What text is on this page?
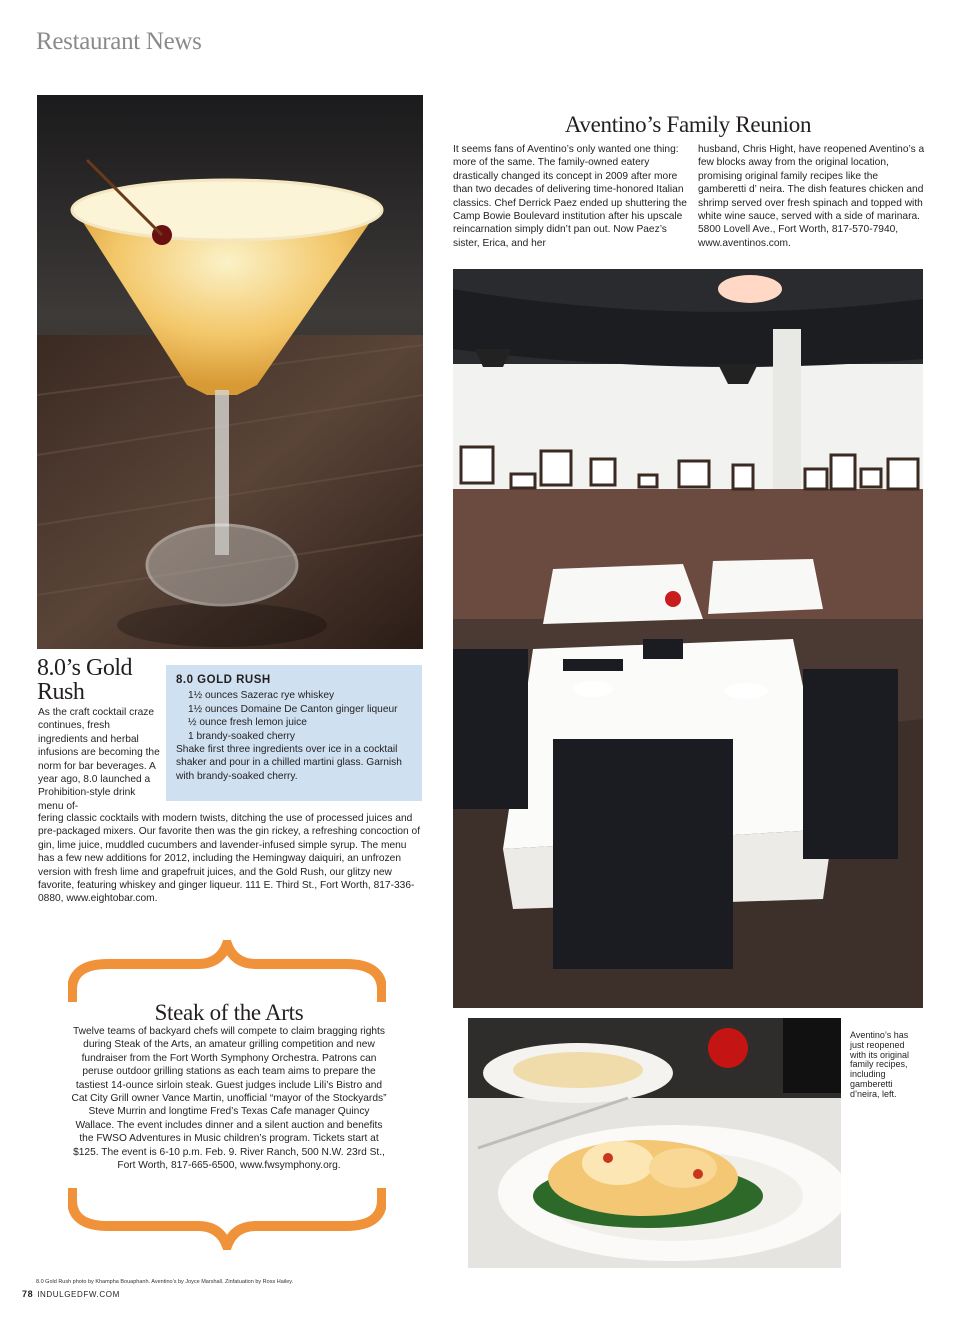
Restaurant News
8.0’s Gold Rush
As the craft cocktail craze continues, fresh ingredients and herbal infusions are becoming the norm for bar beverages. A year ago, 8.0 launched a Prohibition-style drink menu of-
fering classic cocktails with modern twists, ditching the use of processed juices and pre-packaged mixers. Our favorite then was the gin rickey, a refreshing concoction of gin, lime juice, muddled cucumbers and lavender-infused simple syrup. The menu has a few new additions for 2012, including the Hemingway daiquiri, an unfrozen version with fresh lime and grapefruit juices, and the Gold Rush, our glitzy new favorite, featuring whiskey and ginger liqueur. 111 E. Third St., Fort Worth, 817-336-0880, www.eightobar.com.
8.0 GOLD RUSH
1½ ounces Sazerac rye whiskey
1½ ounces Domaine De Canton ginger liqueur
½ ounce fresh lemon juice
1 brandy-soaked cherry
Shake first three ingredients over ice in a cocktail shaker and pour in a chilled martini glass. Garnish with brandy-soaked cherry.
Aventino’s Family Reunion
It seems fans of Aventino’s only wanted one thing: more of the same. The family-owned eatery drastically changed its concept in 2009 after more than two decades of delivering time-honored Italian classics. Chef Derrick Paez ended up shuttering the Camp Bowie Boulevard institution after his upscale reincarnation simply didn’t pan out. Now Paez’s sister, Erica, and her
husband, Chris Hight, have reopened Aventino’s a few blocks away from the original location, promising original family recipes like the gamberetti d’ neira. The dish features chicken and shrimp served over fresh spinach and topped with white wine sauce, served with a side of marinara. 5800 Lovell Ave., Fort Worth, 817-570-7940, www.aventinos.com.
Aventino’s has just reopened with its original family recipes, including gamberetti d’neira, left.
Steak of the Arts
Twelve teams of backyard chefs will compete to claim bragging rights during Steak of the Arts, an amateur grilling competition and new fundraiser from the Fort Worth Symphony Orchestra. Patrons can peruse outdoor grilling stations as each team aims to prepare the tastiest 14-ounce sirloin steak. Guest judges include Lili’s Bistro and Cat City Grill owner Vance Martin, unofficial “mayor of the Stockyards” Steve Murrin and longtime Fred’s Texas Cafe manager Quincy Wallace. The event includes dinner and a silent auction and benefits the FWSO Adventures in Music children’s program. Tickets start at $125. The event is 6-10 p.m. Feb. 9. River Ranch, 500 N.W. 23rd St., Fort Worth, 817-665-6500, www.fwsymphony.org.
8.0 Gold Rush photo by Khampha Bouaphanh. Aventino’s by Joyce Marshall. Zinfatuation by Ross Hailey.
78 INDULGEDFW.COM
